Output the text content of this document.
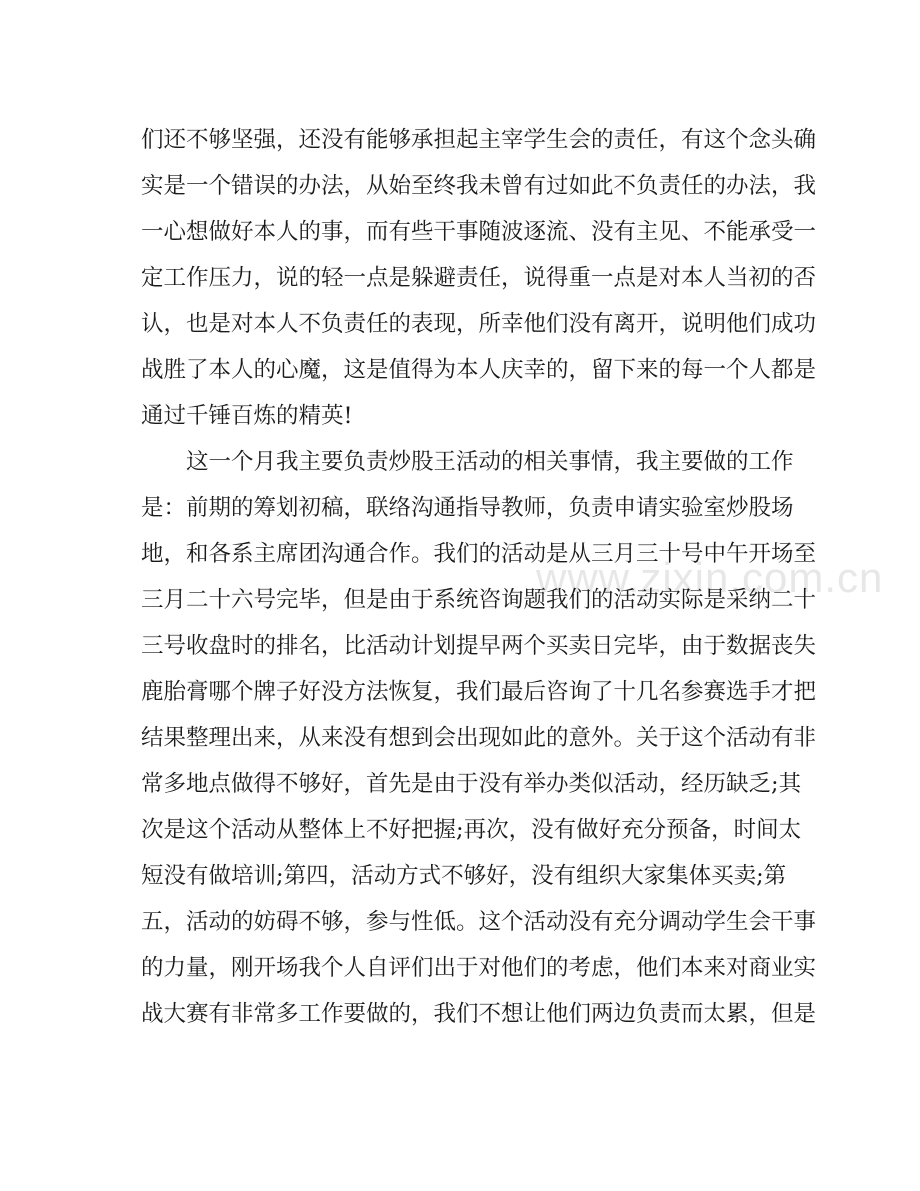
www.zixin.com.cn
们还不够坚强，还没有能够承担起主宰学生会的责任，有这个念头确
实是一个错误的办法，从始至终我未曾有过如此不负责任的办法，我
一心想做好本人的事，而有些干事随波逐流、没有主见、不能承受一
定工作压力，说的轻一点是躲避责任，说得重一点是对本人当初的否
认，也是对本人不负责任的表现，所幸他们没有离开，说明他们成功
战胜了本人的心魔，这是值得为本人庆幸的，留下来的每一个人都是
通过千锤百炼的精英!
这一个月我主要负责炒股王活动的相关事情，我主要做的工作
是：前期的筹划初稿，联络沟通指导教师，负责申请实验室炒股场
地，和各系主席团沟通合作。我们的活动是从三月三十号中午开场至
三月二十六号完毕，但是由于系统咨询题我们的活动实际是采纳二十
三号收盘时的排名，比活动计划提早两个买卖日完毕，由于数据丧失
鹿胎膏哪个牌子好没方法恢复，我们最后咨询了十几名参赛选手才把
结果整理出来，从来没有想到会出现如此的意外。关于这个活动有非
常多地点做得不够好，首先是由于没有举办类似活动，经历缺乏;其
次是这个活动从整体上不好把握;再次，没有做好充分预备，时间太
短没有做培训;第四，活动方式不够好，没有组织大家集体买卖;第
五，活动的妨碍不够，参与性低。这个活动没有充分调动学生会干事
的力量，刚开场我个人自评们出于对他们的考虑，他们本来对商业实
战大赛有非常多工作要做的，我们不想让他们两边负责而太累，但是
